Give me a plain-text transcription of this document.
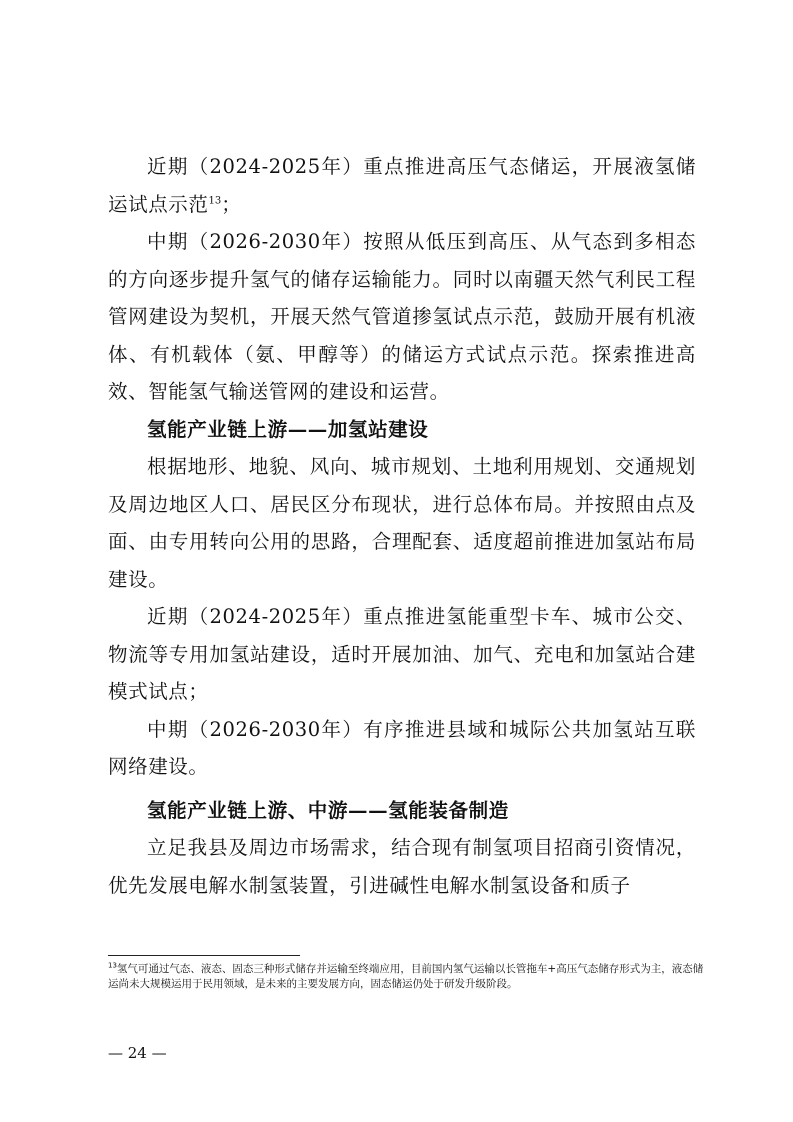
近期（2024-2025年）重点推进高压气态储运，开展液氢储运试点示范$^{13}$；

中期（2026-2030年）按照从低压到高压、从气态到多相态的方向逐步提升氢气的储存运输能力。同时以南疆天然气利民工程管网建设为契机，开展天然气管道掺氢试点示范，鼓励开展有机液体、有机载体（氨、甲醇等）的储运方式试点示范。探索推进高效、智能氢气输送管网的建设和运营。

氢能产业链上游——加氢站建设

根据地形、地貌、风向、城市规划、土地利用规划、交通规划及周边地区人口、居民区分布现状，进行总体布局。并按照由点及面、由专用转向公用的思路，合理配套、适度超前推进加氢站布局建设。

近期（2024-2025年）重点推进氢能重型卡车、城市公交、物流等专用加氢站建设，适时开展加油、加气、充电和加氢站合建模式试点；

中期（2026-2030年）有序推进县域和城际公共加氢站互联网络建设。

氢能产业链上游、中游——氢能装备制造

立足我县及周边市场需求，结合现有制氢项目招商引资情况，优先发展电解水制氢装置，引进碱性电解水制氢设备和质子

$^{13}$氢气可通过气态、液态、固态三种形式储存并运输至终端应用，目前国内氢气运输以长管拖车+高压气态储存形式为主，液态储运尚未大规模运用于民用领域，是未来的主要发展方向，固态储运仍处于研发升级阶段。

— 24 —
